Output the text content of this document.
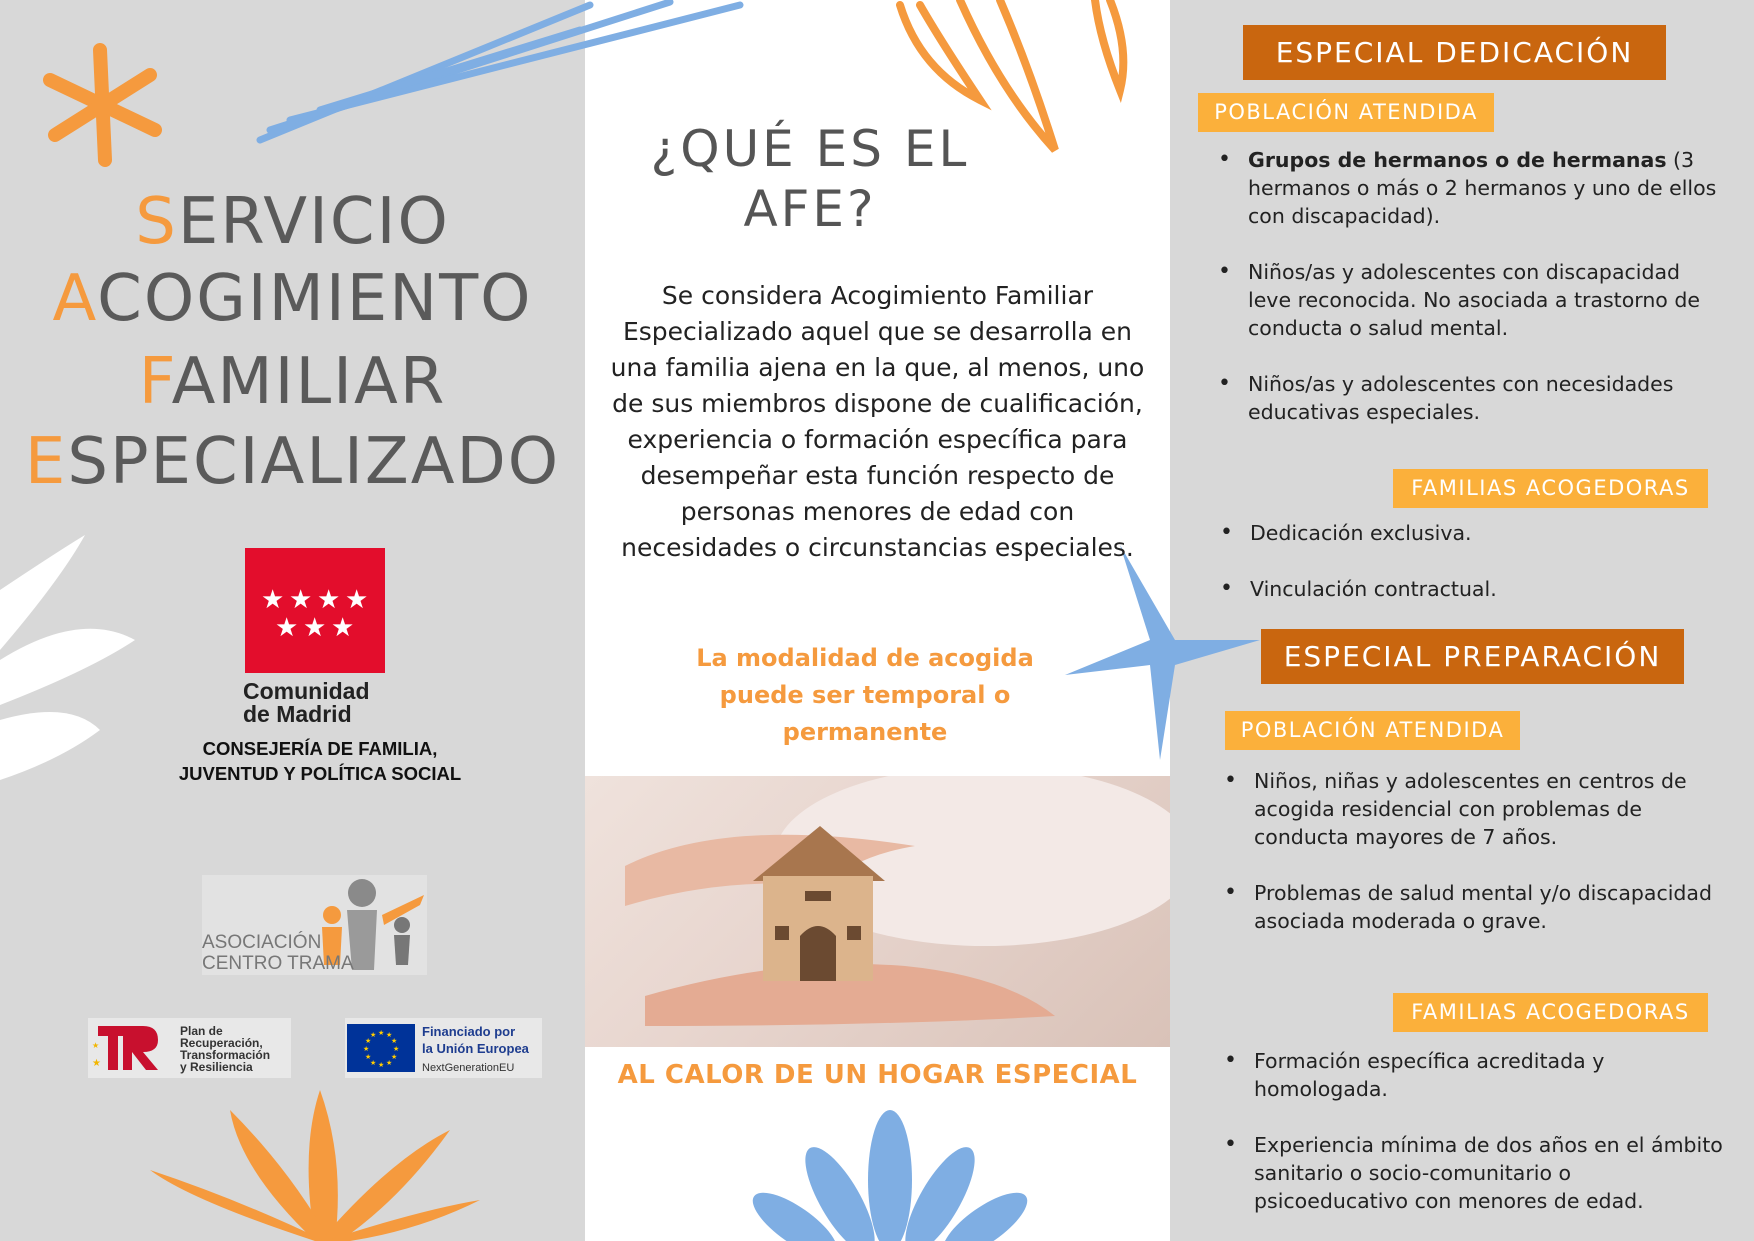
SERVICIO
ACOGIMIENTO
FAMILIAR
ESPECIALIZADO
★ ★ ★ ★
★ ★ ★
Comunidad
de Madrid
CONSEJERÍA DE FAMILIA,
JUVENTUD Y POLÍTICA SOCIAL
ASOCIACIÓN
CENTRO TRAMA
★
★
Plan de
Recuperación,
Transformación
y Resiliencia
★ ★
★
★
★
★
★
★
★
★
★
★	Financiado por
la Unión Europea
NextGenerationEU
¿QUÉ ES EL
AFE?
Se considera Acogimiento Familiar Especializado aquel que se desarrolla en una familia ajena en la que, al menos, uno de sus miembros dispone de cualificación, experiencia o formación específica para desempeñar esta función respecto de personas menores de edad con necesidades o circunstancias especiales.
La modalidad de acogida puede ser temporal o permanente
AL CALOR DE UN HOGAR ESPECIAL
ESPECIAL DEDICACIÓN
POBLACIÓN ATENDIDA
• Grupos de hermanos o de hermanas (3 hermanos o más o 2 hermanos y uno de ellos con discapacidad).
• Niños/as y adolescentes con discapacidad leve reconocida. No asociada a trastorno de conducta o salud mental.
• Niños/as y adolescentes con necesidades educativas especiales.
FAMILIAS ACOGEDORAS
• Dedicación exclusiva.
• Vinculación contractual.
ESPECIAL PREPARACIÓN
POBLACIÓN ATENDIDA
• Niños, niñas y adolescentes en centros de acogida residencial con problemas de conducta mayores de 7 años.
• Problemas de salud mental y/o discapacidad asociada moderada o grave.
FAMILIAS ACOGEDORAS
• Formación específica acreditada y homologada.
• Experiencia mínima de dos años en el ámbito sanitario o socio-comunitario o psicoeducativo con menores de edad.
